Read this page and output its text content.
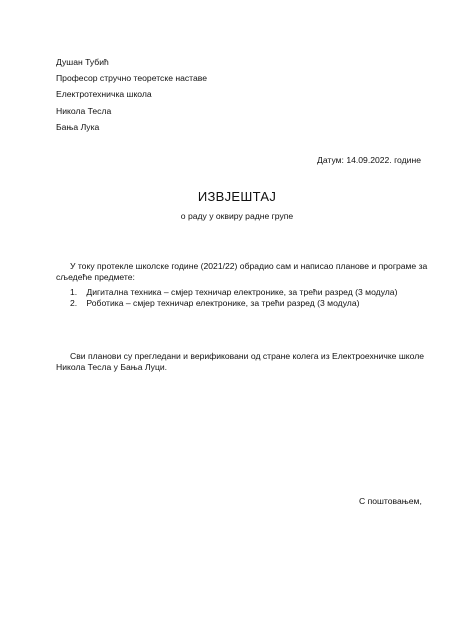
Душан Тубић
Професор стручно теоретске наставе
Електротехничка школа
Никола Тесла
Бања Лука
Датум: 14.09.2022. године
ИЗВЈЕШТАЈ
о раду у оквиру радне групе
У току протекле школске године (2021/22) обрадио сам и написао планове и програме за
сљедеће предмете:
1. Дигитална техника – смјер техничар електронике, за трећи разред (3 модула)
2. Роботика – смјер техничар електронике, за трећи разред (3 модула)
Сви планови су прегледани и верификовани од стране колега из Електроехничке школе
Никола Тесла у Бања Луци.
С поштовањем,
